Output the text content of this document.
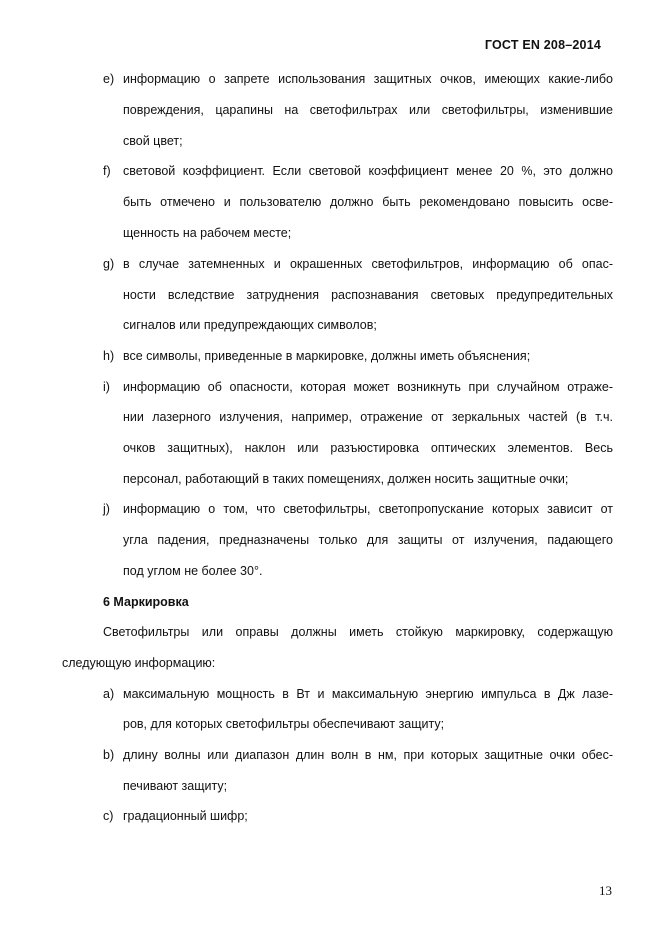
ГОСТ EN 208–2014
e) информацию о запрете использования защитных очков, имеющих какие-либо
повреждения, царапины на светофильтрах или светофильтры, изменившие
свой цвет;
f) световой коэффициент. Если световой коэффициент менее 20 %, это должно
быть отмечено и пользователю должно быть рекомендовано повысить осве-
щенность на рабочем месте;
g) в случае затемненных и окрашенных светофильтров, информацию об опас-
ности вследствие затруднения распознавания световых предупредительных
сигналов или предупреждающих символов;
h) все символы, приведенные в маркировке, должны иметь объяснения;
i) информацию об опасности, которая может возникнуть при случайном отраже-
нии лазерного излучения, например, отражение от зеркальных частей (в т.ч.
очков защитных), наклон или разъюстировка оптических элементов. Весь
персонал, работающий в таких помещениях, должен носить защитные очки;
j) информацию о том, что светофильтры, светопропускание которых зависит от
угла падения, предназначены только для защиты от излучения, падающего
под углом не более 30°.
6 Маркировка
Светофильтры или оправы должны иметь стойкую маркировку, содержащую
следующую информацию:
a) максимальную мощность в Вт и максимальную энергию импульса в Дж лазе-
ров, для которых светофильтры обеспечивают защиту;
b) длину волны или диапазон длин волн в нм, при которых защитные очки обес-
печивают защиту;
c) градационный шифр;
13
